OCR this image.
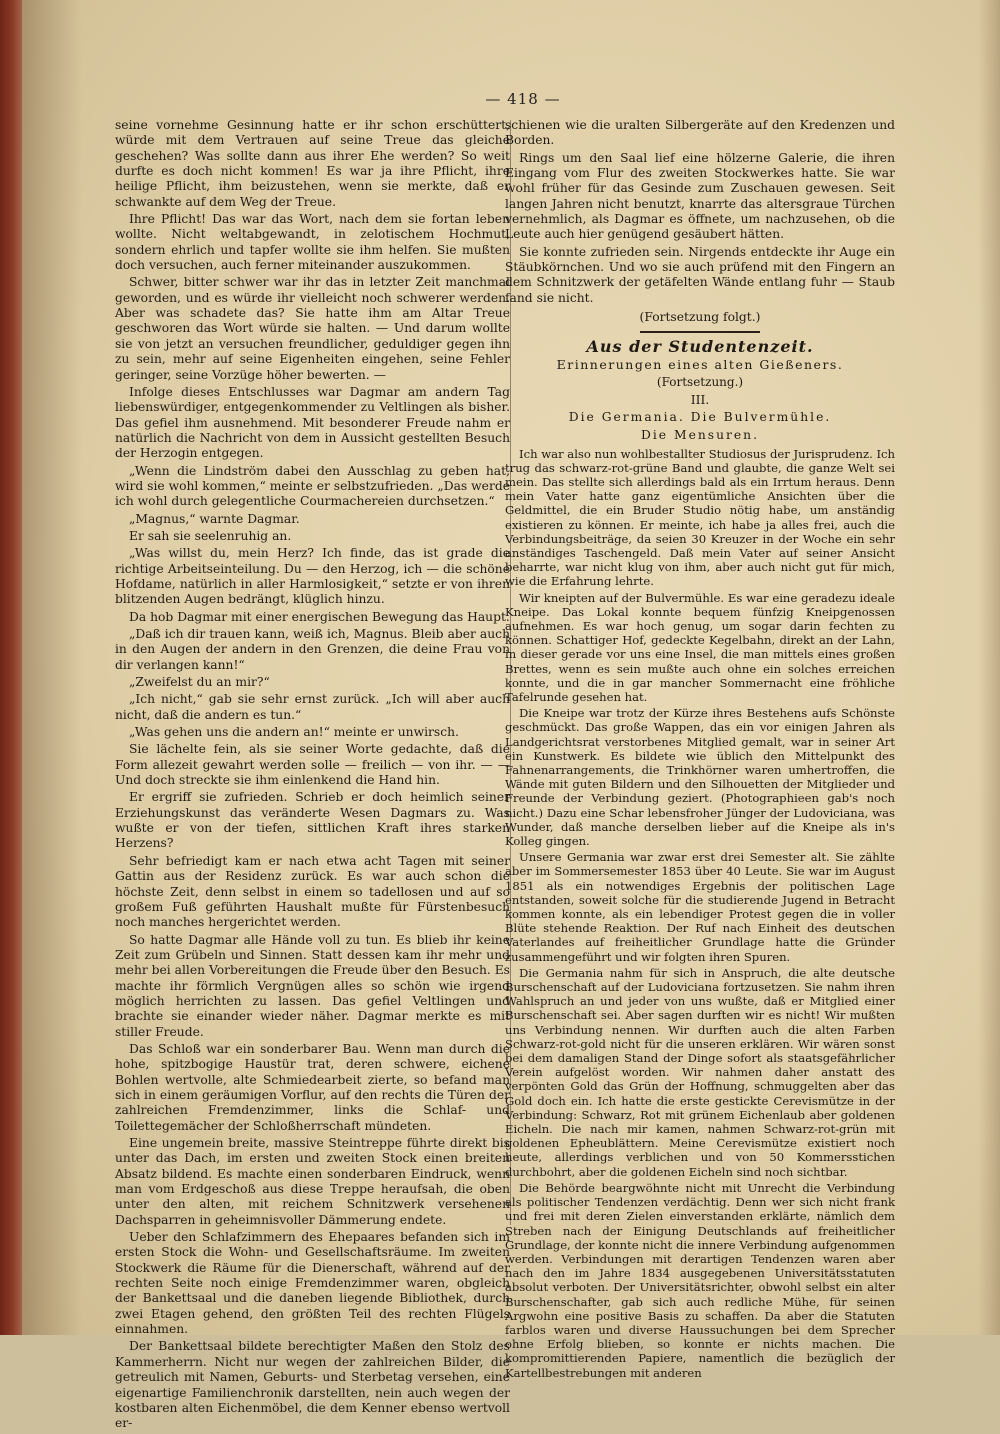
— 418 —

seine vornehme Gesinnung hatte er ihr schon erschüttert, würde mit dem Vertrauen auf seine Treue das gleiche geschehen? Was sollte dann aus ihrer Ehe werden? So weit durfte es doch nicht kommen! Es war ja ihre Pflicht, ihre heilige Pflicht, ihm beizustehen, wenn sie merkte, daß er schwankte auf dem Weg der Treue.

Ihre Pflicht! Das war das Wort, nach dem sie fortan leben wollte. Nicht weltabgewandt, in zelotischem Hochmut, sondern ehrlich und tapfer wollte sie ihm helfen. Sie mußten doch versuchen, auch ferner miteinander auszukommen.

Schwer, bitter schwer war ihr das in letzter Zeit manchmal geworden, und es würde ihr vielleicht noch schwerer werden. Aber was schadete das? Sie hatte ihm am Altar Treue geschworen das Wort würde sie halten. — Und darum wollte sie von jetzt an versuchen freundlicher, geduldiger gegen ihn zu sein, mehr auf seine Eigenheiten eingehen, seine Fehler geringer, seine Vorzüge höher bewerten. —

Infolge dieses Entschlusses war Dagmar am andern Tag liebenswürdiger, entgegenkommender zu Veltlingen als bisher. Das gefiel ihm ausnehmend. Mit besonderer Freude nahm er natürlich die Nachricht von dem in Aussicht gestellten Besuch der Herzogin entgegen.

„Wenn die Lindström dabei den Ausschlag zu geben hat, wird sie wohl kommen,“ meinte er selbstzufrieden. „Das werde ich wohl durch gelegentliche Courmachereien durchsetzen.“

„Magnus,“ warnte Dagmar.

Er sah sie seelenruhig an.

„Was willst du, mein Herz? Ich finde, das ist grade die richtige Arbeitseinteilung. Du — den Herzog, ich — die schöne Hofdame, natürlich in aller Harmlosigkeit,“ setzte er von ihren blitzenden Augen bedrängt, klüglich hinzu.

Da hob Dagmar mit einer energischen Bewegung das Haupt.

„Daß ich dir trauen kann, weiß ich, Magnus. Bleib aber auch in den Augen der andern in den Grenzen, die deine Frau von dir verlangen kann!“

„Zweifelst du an mir?“

„Ich nicht,“ gab sie sehr ernst zurück. „Ich will aber auch nicht, daß die andern es tun.“

„Was gehen uns die andern an!“ meinte er unwirsch.

Sie lächelte fein, als sie seiner Worte gedachte, daß die Form allezeit gewahrt werden solle — freilich — von ihr. — — Und doch streckte sie ihm einlenkend die Hand hin.

Er ergriff sie zufrieden. Schrieb er doch heimlich seiner Erziehungskunst das veränderte Wesen Dagmars zu. Was wußte er von der tiefen, sittlichen Kraft ihres starken Herzens?

Sehr befriedigt kam er nach etwa acht Tagen mit seiner Gattin aus der Residenz zurück. Es war auch schon die höchste Zeit, denn selbst in einem so tadellosen und auf so großem Fuß geführten Haushalt mußte für Fürstenbesuch noch manches hergerichtet werden.

So hatte Dagmar alle Hände voll zu tun. Es blieb ihr keine Zeit zum Grübeln und Sinnen. Statt dessen kam ihr mehr und mehr bei allen Vorbereitungen die Freude über den Besuch. Es machte ihr förmlich Vergnügen alles so schön wie irgend möglich herrichten zu lassen. Das gefiel Veltlingen und brachte sie einander wieder näher. Dagmar merkte es mit stiller Freude.

Das Schloß war ein sonderbarer Bau. Wenn man durch die hohe, spitzbogige Haustür trat, deren schwere, eichene Bohlen wertvolle, alte Schmiedearbeit zierte, so befand man sich in einem geräumigen Vorflur, auf den rechts die Türen der zahlreichen Fremdenzimmer, links die Schlaf- und Toilettegemächer der Schloßherrschaft mündeten.

Eine ungemein breite, massive Steintreppe führte direkt bis unter das Dach, im ersten und zweiten Stock einen breiten Absatz bildend. Es machte einen sonderbaren Eindruck, wenn man vom Erdgeschoß aus diese Treppe heraufsah, die oben unter den alten, mit reichem Schnitzwerk versehenen Dachsparren in geheimnisvoller Dämmerung endete.

Ueber den Schlafzimmern des Ehepaares befanden sich im ersten Stock die Wohn- und Gesellschaftsräume. Im zweiten Stockwerk die Räume für die Dienerschaft, während auf der rechten Seite noch einige Fremdenzimmer waren, obgleich der Bankettsaal und die daneben liegende Bibliothek, durch zwei Etagen gehend, den größten Teil des rechten Flügels einnahmen.

Der Bankettsaal bildete berechtigter Maßen den Stolz des Kammerherrn. Nicht nur wegen der zahlreichen Bilder, die getreulich mit Namen, Geburts- und Sterbetag versehen, eine eigenartige Familienchronik darstellten, nein auch wegen der kostbaren alten Eichenmöbel, die dem Kenner ebenso wertvoll er-

schienen wie die uralten Silbergeräte auf den Kredenzen und Borden.

Rings um den Saal lief eine hölzerne Galerie, die ihren Eingang vom Flur des zweiten Stockwerkes hatte. Sie war wohl früher für das Gesinde zum Zuschauen gewesen. Seit langen Jahren nicht benutzt, knarrte das altersgraue Türchen vernehmlich, als Dagmar es öffnete, um nachzusehen, ob die Leute auch hier genügend gesäubert hätten.

Sie konnte zufrieden sein. Nirgends entdeckte ihr Auge ein Stäubkörnchen. Und wo sie auch prüfend mit den Fingern an dem Schnitzwerk der getäfelten Wände entlang fuhr — Staub fand sie nicht.

(Fortsetzung folgt.)

Aus der Studentenzeit.
Erinnerungen eines alten Gießeners.
(Fortsetzung.)
III.
Die Germania. Die Bulvermühle.
Die Mensuren.

Ich war also nun wohlbestallter Studiosus der Jurisprudenz. Ich trug das schwarz-rot-grüne Band und glaubte, die ganze Welt sei mein. Das stellte sich allerdings bald als ein Irrtum heraus. Denn mein Vater hatte ganz eigentümliche Ansichten über die Geldmittel, die ein Bruder Studio nötig habe, um anständig existieren zu können. Er meinte, ich habe ja alles frei, auch die Verbindungsbeiträge, da seien 30 Kreuzer in der Woche ein sehr anständiges Taschengeld. Daß mein Vater auf seiner Ansicht beharrte, war nicht klug von ihm, aber auch nicht gut für mich, wie die Erfahrung lehrte.

Wir kneipten auf der Bulvermühle. Es war eine geradezu ideale Kneipe. Das Lokal konnte bequem fünfzig Kneipgenossen aufnehmen. Es war hoch genug, um sogar darin fechten zu können. Schattiger Hof, gedeckte Kegelbahn, direkt an der Lahn, in dieser gerade vor uns eine Insel, die man mittels eines großen Brettes, wenn es sein mußte auch ohne ein solches erreichen konnte, und die in gar mancher Sommernacht eine fröhliche Tafelrunde gesehen hat.

Die Kneipe war trotz der Kürze ihres Bestehens aufs Schönste geschmückt. Das große Wappen, das ein vor einigen Jahren als Landgerichtsrat verstorbenes Mitglied gemalt, war in seiner Art ein Kunstwerk. Es bildete wie üblich den Mittelpunkt des Fahnenarrangements, die Trinkhörner waren umhertroffen, die Wände mit guten Bildern und den Silhouetten der Mitglieder und Freunde der Verbindung geziert. (Photographieen gab's noch nicht.) Dazu eine Schar lebensfroher Jünger der Ludoviciana, was Wunder, daß manche derselben lieber auf die Kneipe als in's Kolleg gingen.

Unsere Germania war zwar erst drei Semester alt. Sie zählte aber im Sommersemester 1853 über 40 Leute. Sie war im August 1851 als ein notwendiges Ergebnis der politischen Lage entstanden, soweit solche für die studierende Jugend in Betracht kommen konnte, als ein lebendiger Protest gegen die in voller Blüte stehende Reaktion. Der Ruf nach Einheit des deutschen Vaterlandes auf freiheitlicher Grundlage hatte die Gründer zusammengeführt und wir folgten ihren Spuren.

Die Germania nahm für sich in Anspruch, die alte deutsche Burschenschaft auf der Ludoviciana fortzusetzen. Sie nahm ihren Wahlspruch an und jeder von uns wußte, daß er Mitglied einer Burschenschaft sei. Aber sagen durften wir es nicht! Wir mußten uns Verbindung nennen. Wir durften auch die alten Farben Schwarz-rot-gold nicht für die unseren erklären. Wir wären sonst bei dem damaligen Stand der Dinge sofort als staatsgefährlicher Verein aufgelöst worden. Wir nahmen daher anstatt des verpönten Gold das Grün der Hoffnung, schmuggelten aber das Gold doch ein. Ich hatte die erste gestickte Cerevismütze in der Verbindung: Schwarz, Rot mit grünem Eichenlaub aber goldenen Eicheln. Die nach mir kamen, nahmen Schwarz-rot-grün mit goldenen Epheublättern. Meine Cerevismütze existiert noch heute, allerdings verblichen und von 50 Kommersstichen durchbohrt, aber die goldenen Eicheln sind noch sichtbar.

Die Behörde beargwöhnte nicht mit Unrecht die Verbindung als politischer Tendenzen verdächtig. Denn wer sich nicht frank und frei mit deren Zielen einverstanden erklärte, nämlich dem Streben nach der Einigung Deutschlands auf freiheitlicher Grundlage, der konnte nicht die innere Verbindung aufgenommen werden. Verbindungen mit derartigen Tendenzen waren aber nach den im Jahre 1834 ausgegebenen Universitätsstatuten absolut verboten. Der Universitätsrichter, obwohl selbst ein alter Burschenschafter, gab sich auch redliche Mühe, für seinen Argwohn eine positive Basis zu schaffen. Da aber die Statuten farblos waren und diverse Haussuchungen bei dem Sprecher ohne Erfolg blieben, so konnte er nichts machen. Die kompromittierenden Papiere, namentlich die bezüglich der Kartellbestrebungen mit anderen
